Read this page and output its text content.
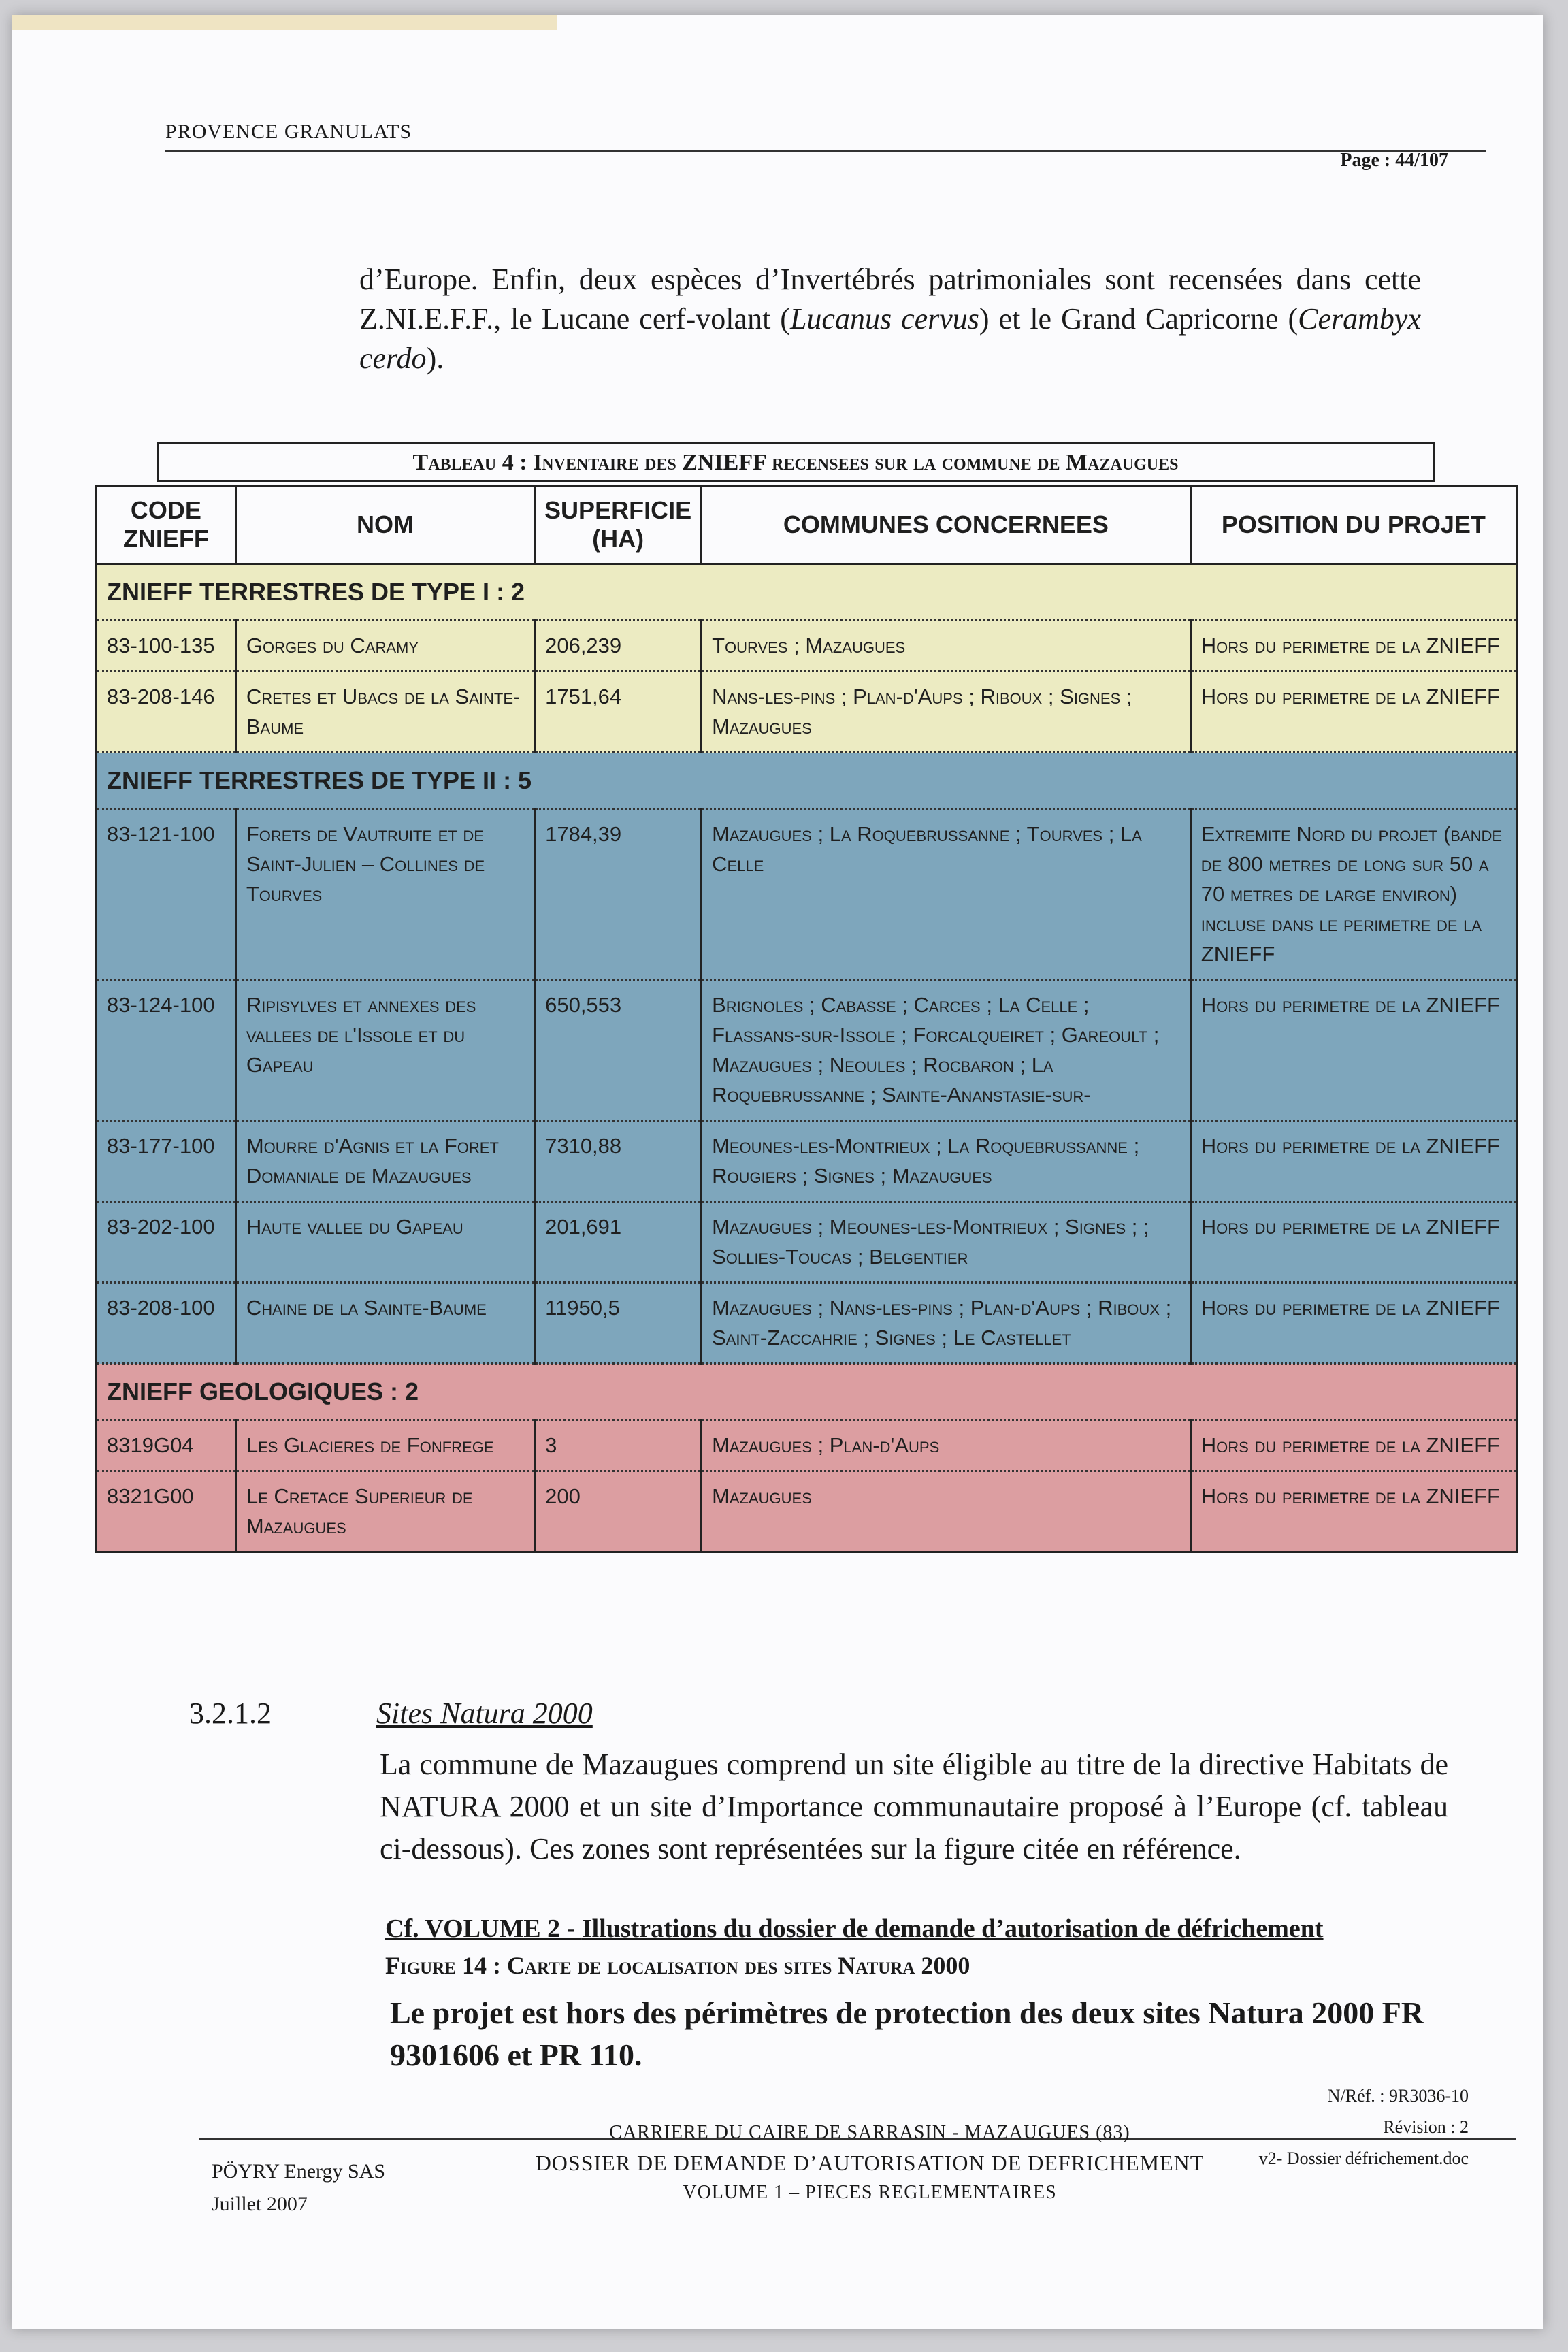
PROVENCE GRANULATS
Page : 44/107
d’Europe. Enfin, deux espèces d’Invertébrés patrimoniales sont recensées dans cette Z.NI.E.F.F., le Lucane cerf-volant (Lucanus cervus) et le Grand Capricorne (Cerambyx cerdo).
Tableau 4 : Inventaire des ZNIEFF recensees sur la commune de Mazaugues
CODE ZNIEFF	NOM	SUPERFICIE (HA)	COMMUNES CONCERNEES	POSITION DU PROJET
ZNIEFF TERRESTRES DE TYPE I : 2				
83-100-135	Gorges du Caramy	206,239	Tourves ; Mazaugues	Hors du perimetre de la ZNIEFF
83-208-146	Cretes et Ubacs de la Sainte-Baume	1751,64	Nans-les-pins ; Plan-d'Aups ; Riboux ; Signes ; Mazaugues	Hors du perimetre de la ZNIEFF
ZNIEFF TERRESTRES DE TYPE II : 5				
83-121-100	Forets de Vautruite et de Saint-Julien – Collines de Tourves	1784,39	Mazaugues ; La Roquebrussanne ; Tourves ; La Celle	Extremite Nord du projet (bande de 800 metres de long sur 50 a 70 metres de large environ) incluse dans le perimetre de la ZNIEFF
83-124-100	Ripisylves et annexes des vallees de l'Issole et du Gapeau	650,553	Brignoles ; Cabasse ; Carces ; La Celle ; Flassans-sur-Issole ; Forcalqueiret ; Gareoult ; Mazaugues ; Neoules ; Rocbaron ; La Roquebrussanne ; Sainte-Ananstasie-sur-	Hors du perimetre de la ZNIEFF
83-177-100	Mourre d'Agnis et la Foret Domaniale de Mazaugues	7310,88	Meounes-les-Montrieux ; La Roquebrussanne ; Rougiers ; Signes ; Mazaugues	Hors du perimetre de la ZNIEFF
83-202-100	Haute vallee du Gapeau	201,691	Mazaugues ; Meounes-les-Montrieux ; Signes ; ; Sollies-Toucas ; Belgentier	Hors du perimetre de la ZNIEFF
83-208-100	Chaine de la Sainte-Baume	11950,5	Mazaugues ; Nans-les-pins ; Plan-d'Aups ; Riboux ; Saint-Zaccahrie ; Signes ; Le Castellet	Hors du perimetre de la ZNIEFF
ZNIEFF GEOLOGIQUES : 2				
8319G04	Les Glacieres de Fonfrege	3	Mazaugues ; Plan-d'Aups	Hors du perimetre de la ZNIEFF
8321G00	Le Cretace Superieur de Mazaugues	200	Mazaugues	Hors du perimetre de la ZNIEFF
3.2.1.2	Sites Natura 2000
La commune de Mazaugues comprend un site éligible au titre de la directive Habitats de NATURA 2000 et un site d’Importance communautaire proposé à l’Europe (cf. tableau ci-dessous). Ces zones sont représentées sur la figure citée en référence.
Cf. VOLUME 2 - Illustrations du dossier de demande d’autorisation de défrichement
Figure 14 : Carte de localisation des sites Natura 2000
Le projet est hors des périmètres de protection des deux sites Natura 2000 FR 9301606 et PR 110.
PÖYRY Energy SAS
Juillet 2007
CARRIERE DU CAIRE DE SARRASIN - MAZAUGUES (83)
DOSSIER DE DEMANDE D’AUTORISATION DE DEFRICHEMENT
VOLUME 1 – PIECES REGLEMENTAIRES
N/Réf. : 9R3036-10
Révision : 2
v2- Dossier défrichement.doc
